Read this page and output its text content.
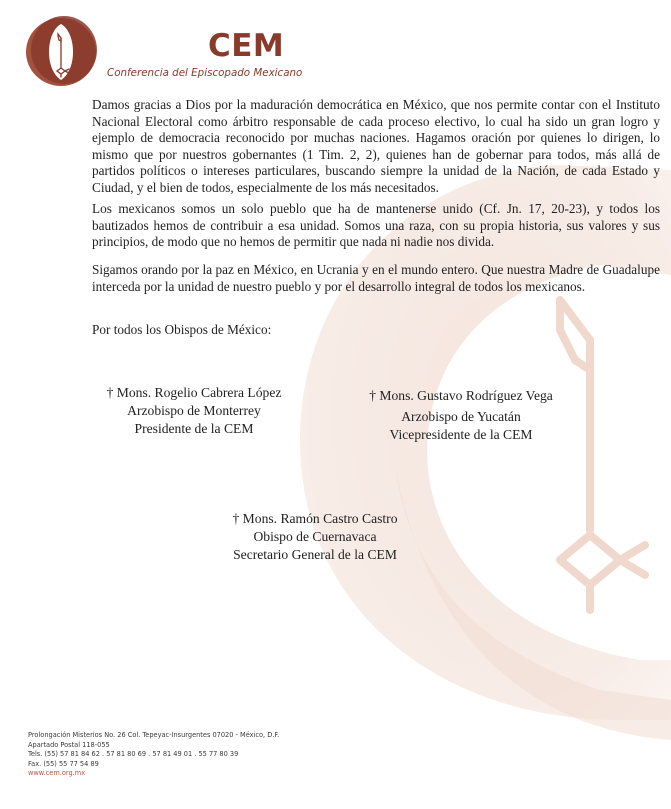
CEM
Conferencia del Episcopado Mexicano
Damos gracias a Dios por la maduración democrática en México, que nos permite contar con el Instituto Nacional Electoral como árbitro responsable de cada proceso electivo, lo cual ha sido un gran logro y ejemplo de democracia reconocido por muchas naciones. Hagamos oración por quienes lo dirigen, lo mismo que por nuestros gobernantes (1 Tim. 2, 2), quienes han de gobernar para todos, más allá de partidos políticos o intereses particulares, buscando siempre la unidad de la Nación, de cada Estado y Ciudad, y el bien de todos, especialmente de los más necesitados.
Los mexicanos somos un solo pueblo que ha de mantenerse unido (Cf. Jn. 17, 20-23), y todos los bautizados hemos de contribuir a esa unidad. Somos una raza, con su propia historia, sus valores y sus principios, de modo que no hemos de permitir que nada ni nadie nos divida.
Sigamos orando por la paz en México, en Ucrania y en el mundo entero. Que nuestra Madre de Guadalupe interceda por la unidad de nuestro pueblo y por el desarrollo integral de todos los mexicanos.
Por todos los Obispos de México:
† Mons. Rogelio Cabrera López
Arzobispo de Monterrey
Presidente de la CEM
† Mons. Gustavo Rodríguez Vega
Arzobispo de Yucatán
Vicepresidente de la CEM
† Mons. Ramón Castro Castro
Obispo de Cuernavaca
Secretario General de la CEM
Prolongación Misterios No. 26 Col. Tepeyac-Insurgentes 07020 - México, D.F.
Apartado Postal 118-055
Tels. (55) 57 81 84 62 . 57 81 80 69 . 57 81 49 01 . 55 77 80 39
Fax. (55) 55 77 54 89
www.cem.org.mx
